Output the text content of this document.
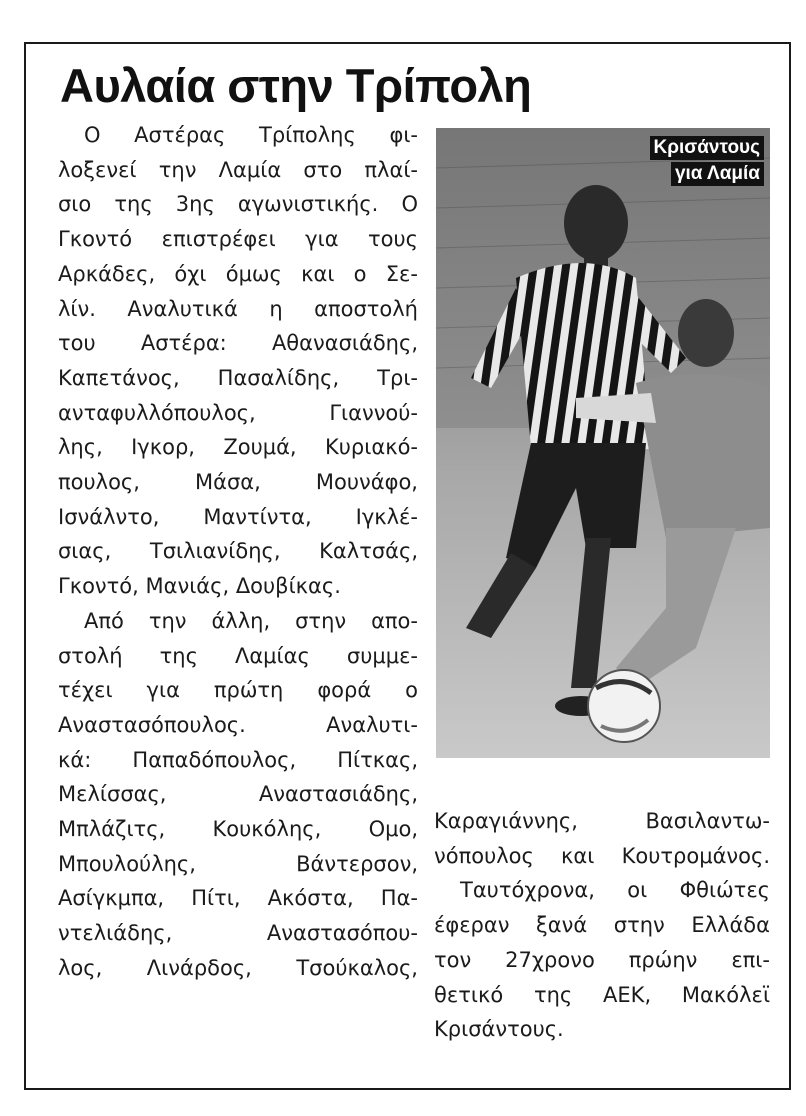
Αυλαία στην Τρίπολη

Ο Αστέρας Τρίπολης φι-
λοξενεί την Λαμία στο πλαί-
σιο της 3ης αγωνιστικής. Ο
Γκοντό επιστρέφει για τους
Αρκάδες, όχι όμως και ο Σε-
λίν. Αναλυτικά η αποστολή
του Αστέρα: Αθανασιάδης,
Καπετάνος, Πασαλίδης, Τρι-
ανταφυλλόπουλος, Γιαννού-
λης, Ιγκορ, Ζουμά, Κυριακό-
πουλος, Μάσα, Μουνάφο,
Ισνάλντο, Μαντίντα, Ιγκλέ-
σιας, Τσιλιανίδης, Καλτσάς,
Γκοντό, Μανιάς, Δουβίκας.

Από την άλλη, στην απο-
στολή της Λαμίας συμμε-
τέχει για πρώτη φορά ο
Αναστασόπουλος. Αναλυτι-
κά: Παπαδόπουλος, Πίτκας,
Μελίσσας, Αναστασιάδης,
Μπλάζιτς, Κουκόλης, Ομο,
Μπουλούλης, Βάντερσον,
Ασίγκμπα, Πίτι, Ακόστα, Πα-
ντελιάδης, Αναστασόπου-
λος, Λινάρδος, Τσούκαλος,

Κρισάντους
για Λαμία

Καραγιάννης, Βασιλαντω-
νόπουλος και Κουτρομάνος.
Ταυτόχρονα, οι Φθιώτες
έφεραν ξανά στην Ελλάδα
τον 27χρονο πρώην επι-
θετικό της ΑΕΚ, Μακόλεϊ
Κρισάντους.
